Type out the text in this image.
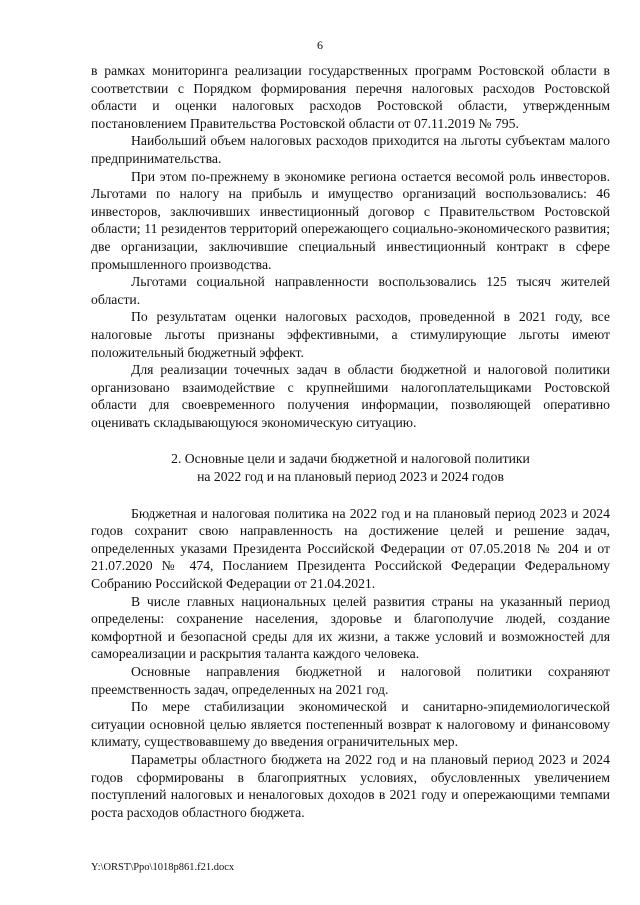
6

в рамках мониторинга реализации государственных программ Ростовской области в соответствии с Порядком формирования перечня налоговых расходов Ростовской области и оценки налоговых расходов Ростовской области, утвержденным постановлением Правительства Ростовской области от 07.11.2019 № 795.

Наибольший объем налоговых расходов приходится на льготы субъектам малого предпринимательства.

При этом по-прежнему в экономике региона остается весомой роль инвесторов. Льготами по налогу на прибыль и имущество организаций воспользовались: 46 инвесторов, заключивших инвестиционный договор с Правительством Ростовской области; 11 резидентов территорий опережающего социально-экономического развития; две организации, заключившие специальный инвестиционный контракт в сфере промышленного производства.

Льготами социальной направленности воспользовались 125 тысяч жителей области.

По результатам оценки налоговых расходов, проведенной в 2021 году, все налоговые льготы признаны эффективными, а стимулирующие льготы имеют положительный бюджетный эффект.

Для реализации точечных задач в области бюджетной и налоговой политики организовано взаимодействие с крупнейшими налогоплательщиками Ростовской области для своевременного получения информации, позволяющей оперативно оценивать складывающуюся экономическую ситуацию.

2. Основные цели и задачи бюджетной и налоговой политики

на 2022 год и на плановый период 2023 и 2024 годов

Бюджетная и налоговая политика на 2022 год и на плановый период 2023 и 2024 годов сохранит свою направленность на достижение целей и решение задач, определенных указами Президента Российской Федерации от 07.05.2018 № 204 и от 21.07.2020 № 474, Посланием Президента Российской Федерации Федеральному Собранию Российской Федерации от 21.04.2021.

В числе главных национальных целей развития страны на указанный период определены: сохранение населения, здоровье и благополучие людей, создание комфортной и безопасной среды для их жизни, а также условий и возможностей для самореализации и раскрытия таланта каждого человека.

Основные направления бюджетной и налоговой политики сохраняют преемственность задач, определенных на 2021 год.

По мере стабилизации экономической и санитарно-эпидемиологической ситуации основной целью является постепенный возврат к налоговому и финансовому климату, существовавшему до введения ограничительных мер.

Параметры областного бюджета на 2022 год и на плановый период 2023 и 2024 годов сформированы в благоприятных условиях, обусловленных увеличением поступлений налоговых и неналоговых доходов в 2021 году и опережающими темпами роста расходов областного бюджета.

Y:\ORST\Ppo\1018p861.f21.docx
